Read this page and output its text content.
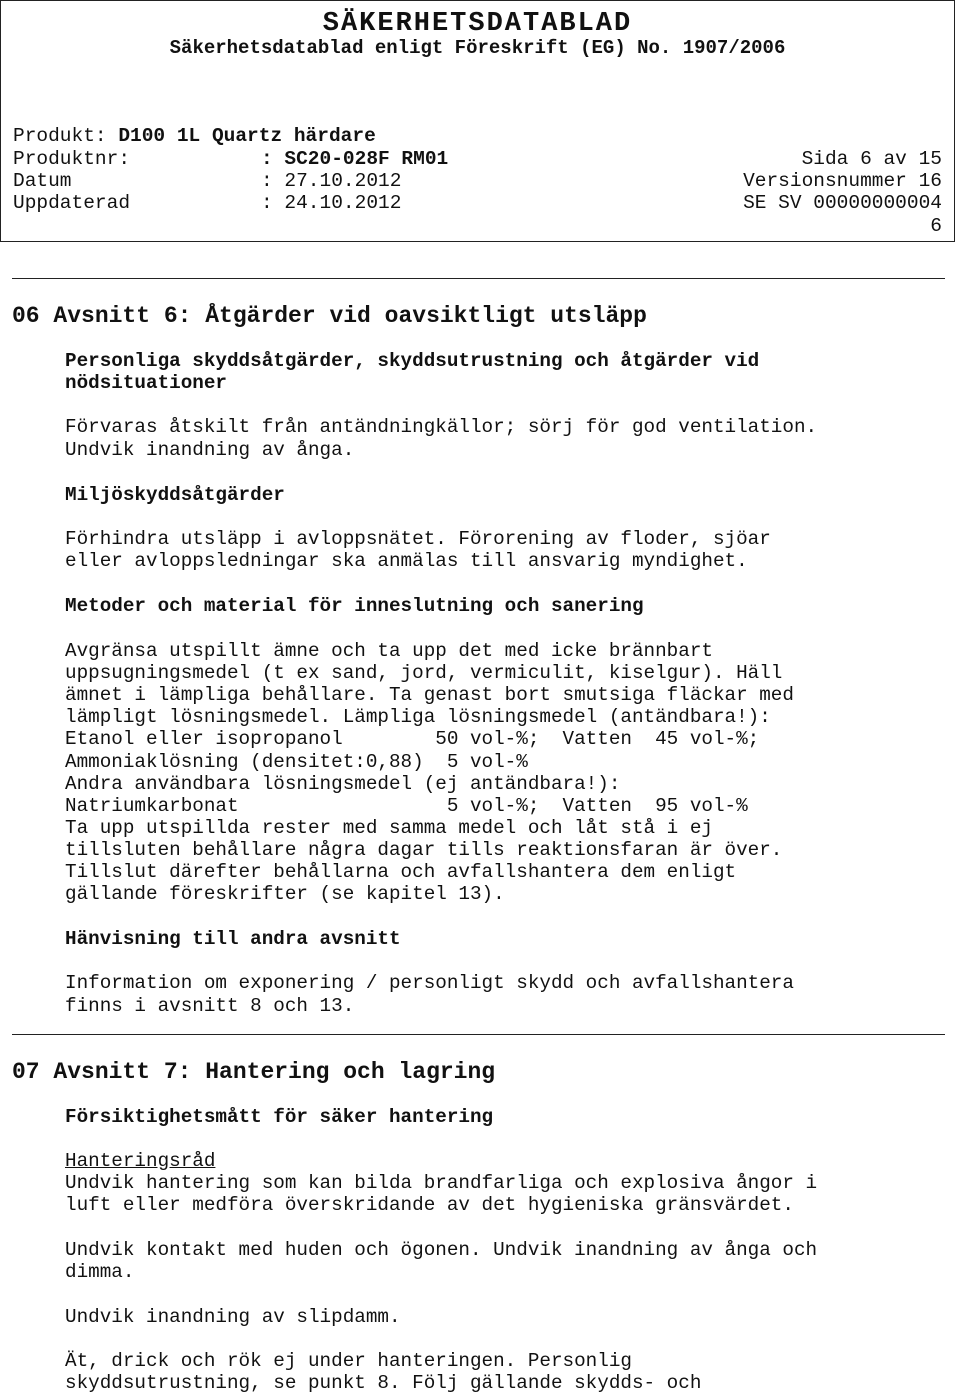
SÄKERHETSDATABLAD
Säkerhetsdatablad enligt Föreskrift (EG) No. 1907/2006
Produkt: D100 1L Quartz härdare
Produktnr:	: SC20-028F RM01	Sida 6 av 15
Datum	: 27.10.2012	Versionsnummer 16
Uppdaterad	: 24.10.2012	SE SV 00000000004
6
06 Avsnitt 6: Åtgärder vid oavsiktligt utsläpp
Personliga skyddsåtgärder, skyddsutrustning och åtgärder vid
nödsituationer
Förvaras åtskilt från antändningkällor; sörj för god ventilation.
Undvik inandning av ånga.
Miljöskyddsåtgärder
Förhindra utsläpp i avloppsnätet. Förorening av floder, sjöar
eller avloppsledningar ska anmälas till ansvarig myndighet.
Metoder och material för inneslutning och sanering
Avgränsa utspillt ämne och ta upp det med icke brännbart
uppsugningsmedel (t ex sand, jord, vermiculit, kiselgur). Häll
ämnet i lämpliga behållare. Ta genast bort smutsiga fläckar med
lämpligt lösningsmedel. Lämpliga lösningsmedel (antändbara!):
Etanol eller isopropanol        50 vol-%;  Vatten  45 vol-%;
Ammoniaklösning (densitet:0,88)  5 vol-%
Andra användbara lösningsmedel (ej antändbara!):
Natriumkarbonat                  5 vol-%;  Vatten  95 vol-%
Ta upp utspillda rester med samma medel och låt stå i ej
tillsluten behållare några dagar tills reaktionsfaran är över.
Tillslut därefter behållarna och avfallshantera dem enligt
gällande föreskrifter (se kapitel 13).
Hänvisning till andra avsnitt
Information om exponering / personligt skydd och avfallshantera
finns i avsnitt 8 och 13.
07 Avsnitt 7: Hantering och lagring
Försiktighetsmått för säker hantering
Hanteringsråd
Undvik hantering som kan bilda brandfarliga och explosiva ångor i
luft eller medföra överskridande av det hygieniska gränsvärdet.
Undvik kontakt med huden och ögonen. Undvik inandning av ånga och
dimma.
Undvik inandning av slipdamm.
Ät, drick och rök ej under hanteringen. Personlig
skyddsutrustning, se punkt 8. Följ gällande skydds- och
